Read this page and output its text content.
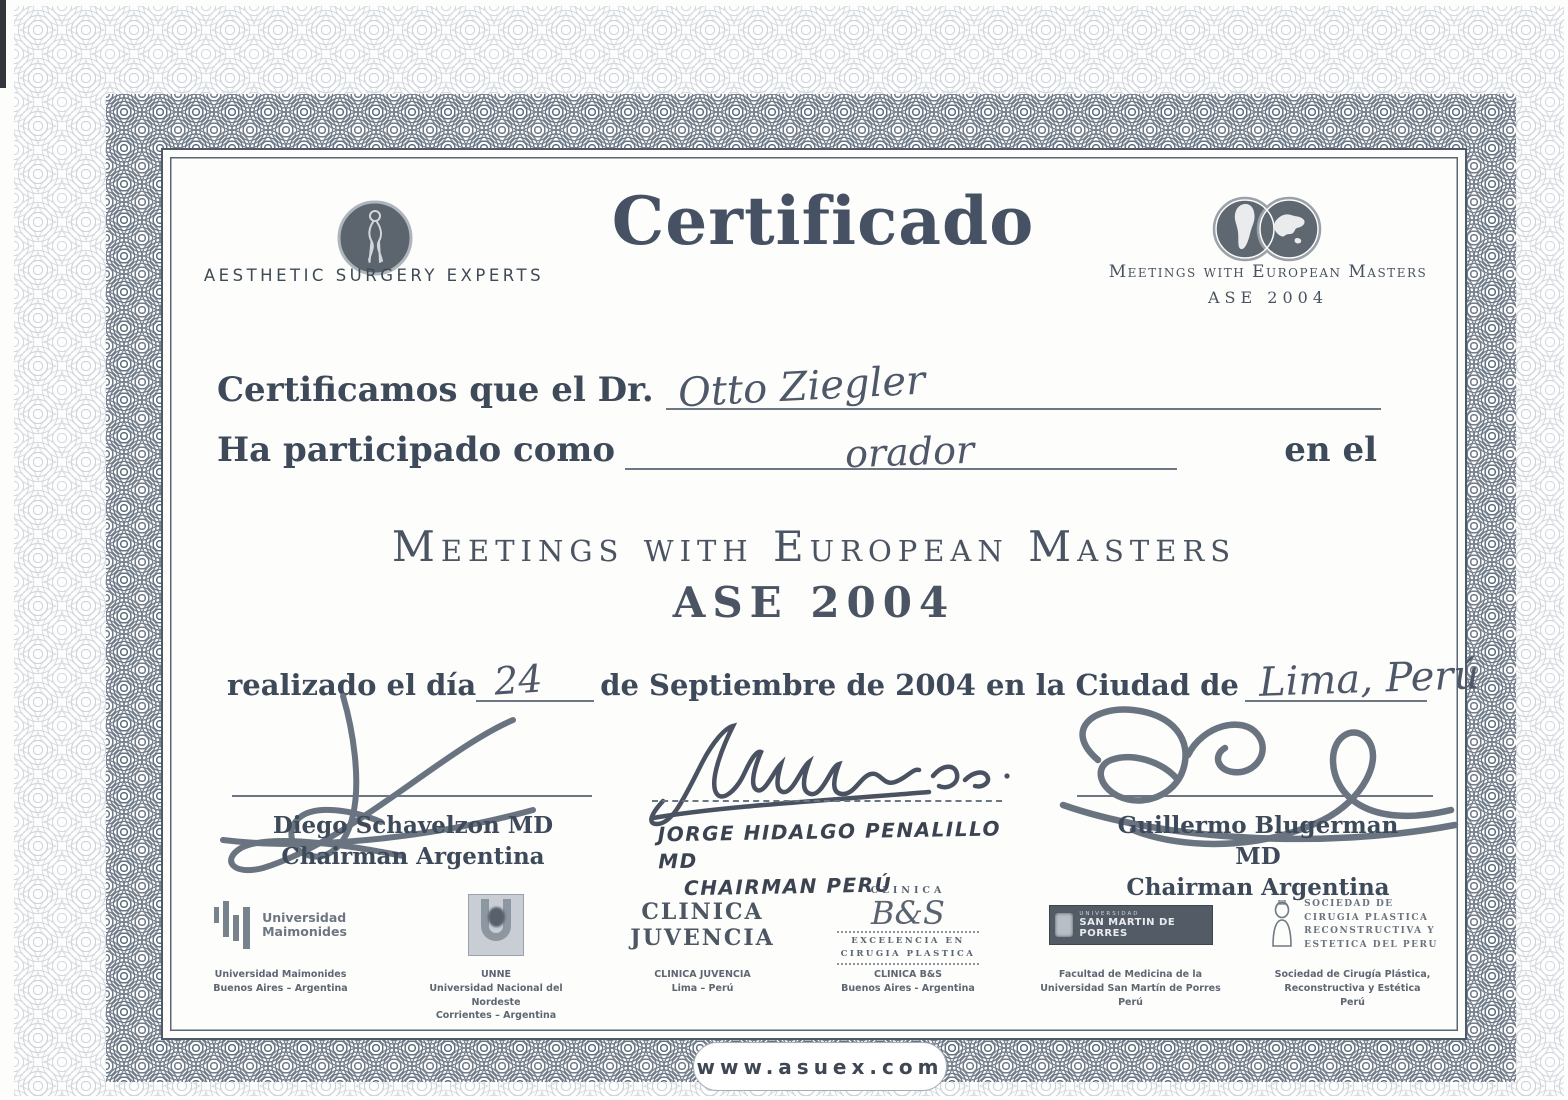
AESTHETIC SURGERY EXPERTS
Certificado
Meetings with European Masters
ASE 2004
Certificamos que el Dr. Otto Ziegler
Ha participado como	orador	en el
Meetings with European Masters
ASE 2004
realizado el día 24 de Septiembre de 2004 en la Ciudad de Lima, Perú
Diego Schavelzon MD
Chairman Argentina
JORGE HIDALGO PENALILLO MD
CHAIRMAN PERÚ
Guillermo Blugerman MD
Chairman Argentina
Universidad
Maimonides
Universidad Maimonides
Buenos Aires – Argentina
UNNE
Universidad Nacional del Nordeste
Corrientes – Argentina
CLINICA
JUVENCIA
CLINICA JUVENCIA
Lima – Perú
CLINICA
B&S
EXCELENCIA EN
CIRUGIA PLASTICA
CLINICA B&S
Buenos Aires - Argentina
UNIVERSIDAD
SAN MARTIN DE PORRES
Facultad de Medicina de la
Universidad San Martín de Porres
Perú
SOCIEDAD DE
CIRUGIA PLASTICA
RECONSTRUCTIVA Y
ESTETICA DEL PERU
Sociedad de Cirugía Plástica,
Reconstructiva y Estética
Perú
www.asuex.com
